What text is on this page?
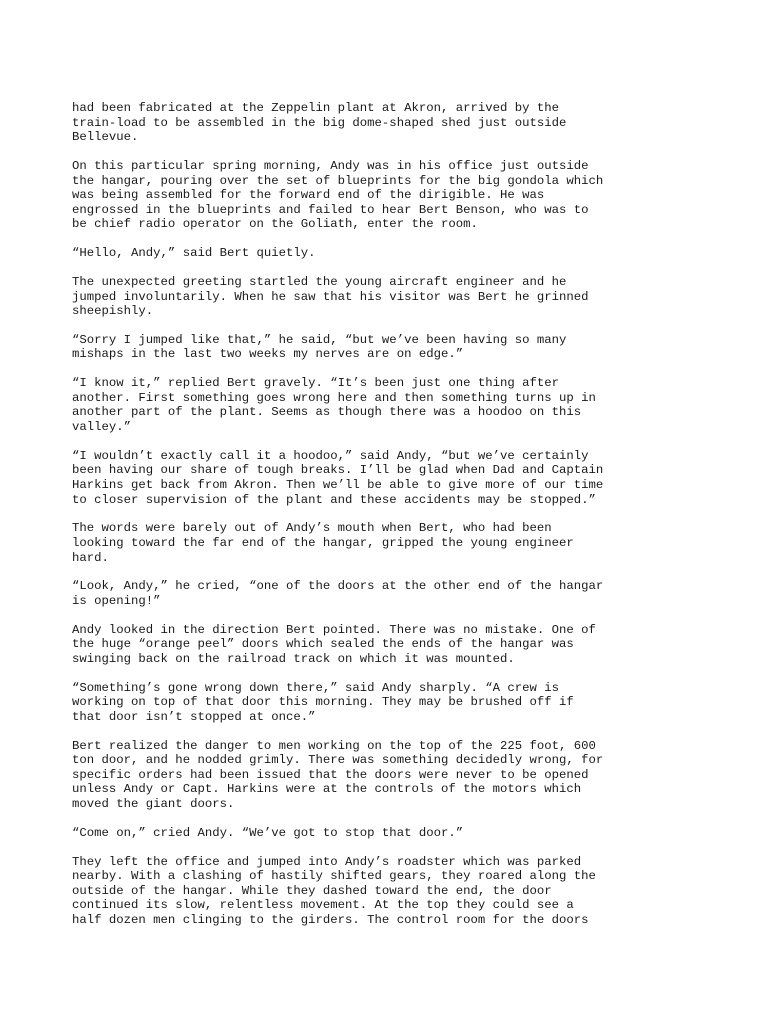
had been fabricated at the Zeppelin plant at Akron, arrived by the
train-load to be assembled in the big dome-shaped shed just outside
Bellevue.

On this particular spring morning, Andy was in his office just outside
the hangar, pouring over the set of blueprints for the big gondola which
was being assembled for the forward end of the dirigible. He was
engrossed in the blueprints and failed to hear Bert Benson, who was to
be chief radio operator on the Goliath, enter the room.

“Hello, Andy,” said Bert quietly.

The unexpected greeting startled the young aircraft engineer and he
jumped involuntarily. When he saw that his visitor was Bert he grinned
sheepishly.

“Sorry I jumped like that,” he said, “but we’ve been having so many
mishaps in the last two weeks my nerves are on edge.”

“I know it,” replied Bert gravely. “It’s been just one thing after
another. First something goes wrong here and then something turns up in
another part of the plant. Seems as though there was a hoodoo on this
valley.”

“I wouldn’t exactly call it a hoodoo,” said Andy, “but we’ve certainly
been having our share of tough breaks. I’ll be glad when Dad and Captain
Harkins get back from Akron. Then we’ll be able to give more of our time
to closer supervision of the plant and these accidents may be stopped.”

The words were barely out of Andy’s mouth when Bert, who had been
looking toward the far end of the hangar, gripped the young engineer
hard.

“Look, Andy,” he cried, “one of the doors at the other end of the hangar
is opening!”

Andy looked in the direction Bert pointed. There was no mistake. One of
the huge “orange peel” doors which sealed the ends of the hangar was
swinging back on the railroad track on which it was mounted.

“Something’s gone wrong down there,” said Andy sharply. “A crew is
working on top of that door this morning. They may be brushed off if
that door isn’t stopped at once.”

Bert realized the danger to men working on the top of the 225 foot, 600
ton door, and he nodded grimly. There was something decidedly wrong, for
specific orders had been issued that the doors were never to be opened
unless Andy or Capt. Harkins were at the controls of the motors which
moved the giant doors.

“Come on,” cried Andy. “We’ve got to stop that door.”

They left the office and jumped into Andy’s roadster which was parked
nearby. With a clashing of hastily shifted gears, they roared along the
outside of the hangar. While they dashed toward the end, the door
continued its slow, relentless movement. At the top they could see a
half dozen men clinging to the girders. The control room for the doors
